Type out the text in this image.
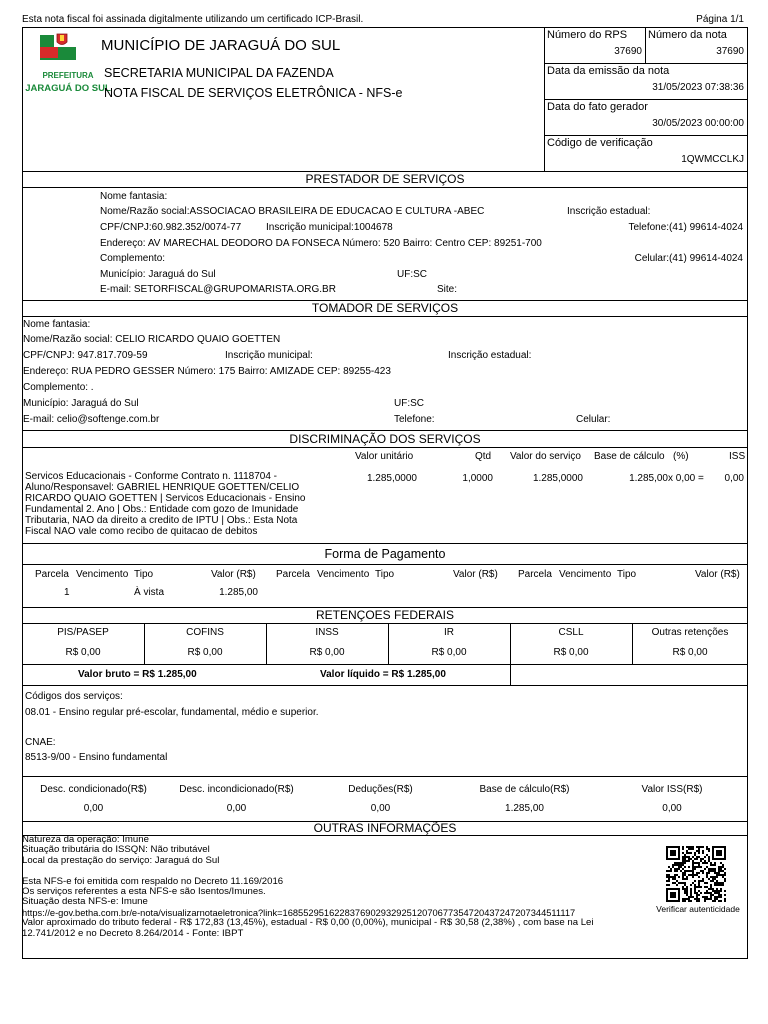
Esta nota fiscal foi assinada digitalmente utilizando um certificado ICP-Brasil.	Página 1/1
PREFEITURA
JARAGUÁ DO SUL
MUNICÍPIO DE JARAGUÁ DO SUL
SECRETARIA MUNICIPAL DA FAZENDA
NOTA FISCAL DE SERVIÇOS ELETRÔNICA - NFS-e
Número do RPS
37690
Número da nota
37690
Data da emissão da nota
31/05/2023 07:38:36
Data do fato gerador
30/05/2023 00:00:00
Código de verificação
1QWMCCLKJ
PRESTADOR DE SERVIÇOS
Nome fantasia:
Nome/Razão social:ASSOCIACAO BRASILEIRA DE EDUCACAO E CULTURA -ABEC	Inscrição estadual:
CPF/CNPJ:60.982.352/0074-77 Inscrição municipal:1004678	Telefone:(41) 99614-4024
Endereço: AV MARECHAL DEODORO DA FONSECA Número: 520 Bairro: Centro CEP: 89251-700
Complemento:	Celular:(41) 99614-4024
Município: Jaraguá do Sul	UF:SC
E-mail: SETORFISCAL@GRUPOMARISTA.ORG.BR	Site:
TOMADOR DE SERVIÇOS
Nome fantasia:
Nome/Razão social: CELIO RICARDO QUAIO GOETTEN
CPF/CNPJ: 947.817.709-59	Inscrição municipal:	Inscrição estadual:
Endereço: RUA PEDRO GESSER Número: 175 Bairro: AMIZADE CEP: 89255-423
Complemento: .
Município: Jaraguá do Sul	UF:SC
E-mail: celio@softenge.com.br	Telefone:	Celular:
DISCRIMINAÇÃO DOS SERVIÇOS
Valor unitário	Qtd Valor do serviço Base de cálculo (%)	ISS
Servicos Educacionais - Conforme Contrato n. 1118704 -
Aluno/Responsavel: GABRIEL HENRIQUE GOETTEN/CELIO
RICARDO QUAIO GOETTEN | Servicos Educacionais - Ensino
Fundamental 2. Ano | Obs.: Entidade com gozo de Imunidade
Tributaria, NAO da direito a credito de IPTU | Obs.: Esta Nota
Fiscal NAO vale como recibo de quitacao de debitos
1.285,0000	1,0000	1.285,0000	1.285,00 x 0,00 =	0,00
Forma de Pagamento
Parcela Vencimento Tipo	Valor (R$) Parcela Vencimento Tipo	Valor (R$) Parcela Vencimento Tipo	Valor (R$)
1	À vista	1.285,00
RETENÇOES FEDERAIS
PIS/PASEP	COFINS	INSS	IR	CSLL	Outras retenções
R$ 0,00	R$ 0,00	R$ 0,00	R$ 0,00	R$ 0,00	R$ 0,00
Valor bruto = R$ 1.285,00	Valor líquido = R$ 1.285,00
Códigos dos serviços:
08.01 - Ensino regular pré-escolar, fundamental, médio e superior.
CNAE:
8513-9/00 - Ensino fundamental
Desc. condicionado(R$)	Desc. incondicionado(R$)	Deduções(R$)	Base de cálculo(R$)	Valor ISS(R$)
0,00	0,00	0,00	1.285,00	0,00
OUTRAS INFORMAÇÕES
Natureza da operação: Imune
Situação tributária do ISSQN: Não tributável
Local da prestação do serviço: Jaraguá do Sul
Esta NFS-e foi emitida com respaldo no Decreto 11.169/2016
Os serviços referentes a esta NFS-e são Isentos/Imunes.
Situação desta NFS-e: Imune
https://e-gov.betha.com.br/e-nota/visualizarnotaeletronica?link=168552951622837690293292512070677354720437247207344511117
Valor aproximado do tributo federal - R$ 172,83 (13,45%), estadual - R$ 0,00 (0,00%), municipal - R$ 30,58 (2,38%) , com base na Lei
12.741/2012 e no Decreto 8.264/2014 - Fonte: IBPT
Verificar autenticidade
